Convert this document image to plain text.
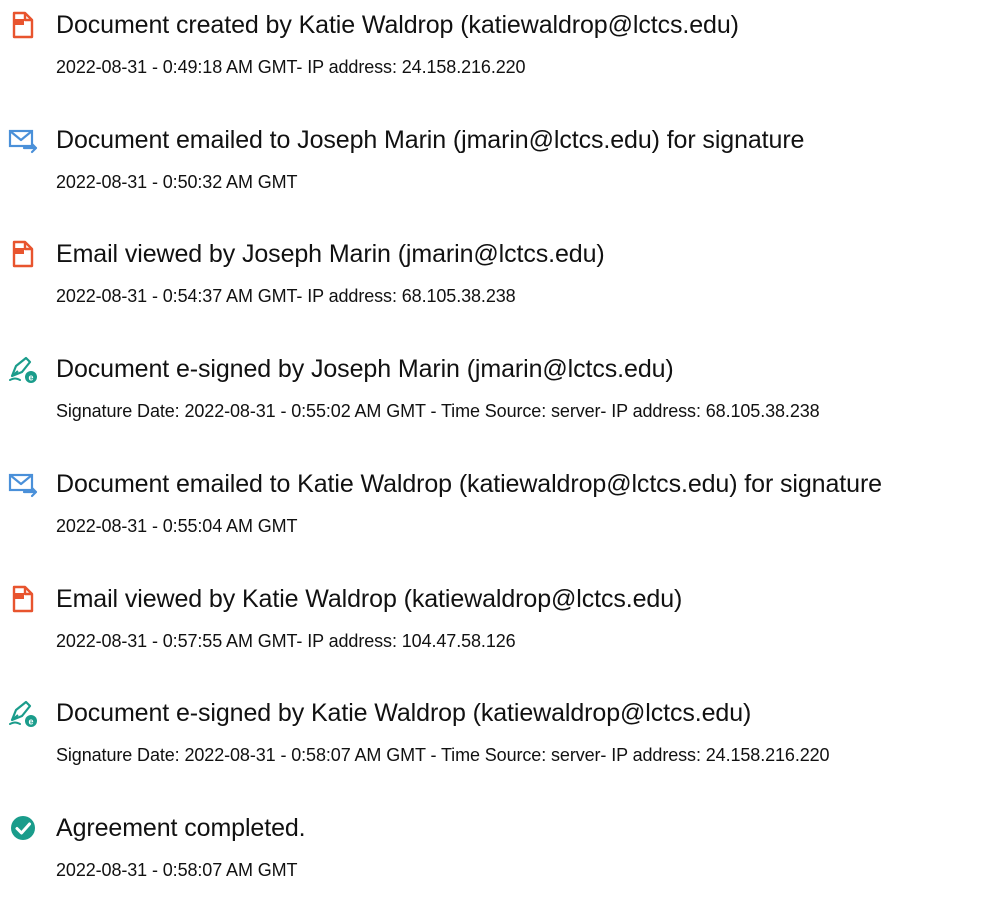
Document created by Katie Waldrop (katiewaldrop@lctcs.edu)
2022-08-31 - 0:49:18 AM GMT- IP address: 24.158.216.220
Document emailed to Joseph Marin (jmarin@lctcs.edu) for signature
2022-08-31 - 0:50:32 AM GMT
Email viewed by Joseph Marin (jmarin@lctcs.edu)
2022-08-31 - 0:54:37 AM GMT- IP address: 68.105.38.238
e Document e-signed by Joseph Marin (jmarin@lctcs.edu)
Signature Date: 2022-08-31 - 0:55:02 AM GMT - Time Source: server- IP address: 68.105.38.238
Document emailed to Katie Waldrop (katiewaldrop@lctcs.edu) for signature
2022-08-31 - 0:55:04 AM GMT
Email viewed by Katie Waldrop (katiewaldrop@lctcs.edu)
2022-08-31 - 0:57:55 AM GMT- IP address: 104.47.58.126
e Document e-signed by Katie Waldrop (katiewaldrop@lctcs.edu)
Signature Date: 2022-08-31 - 0:58:07 AM GMT - Time Source: server- IP address: 24.158.216.220
Agreement completed.
2022-08-31 - 0:58:07 AM GMT
